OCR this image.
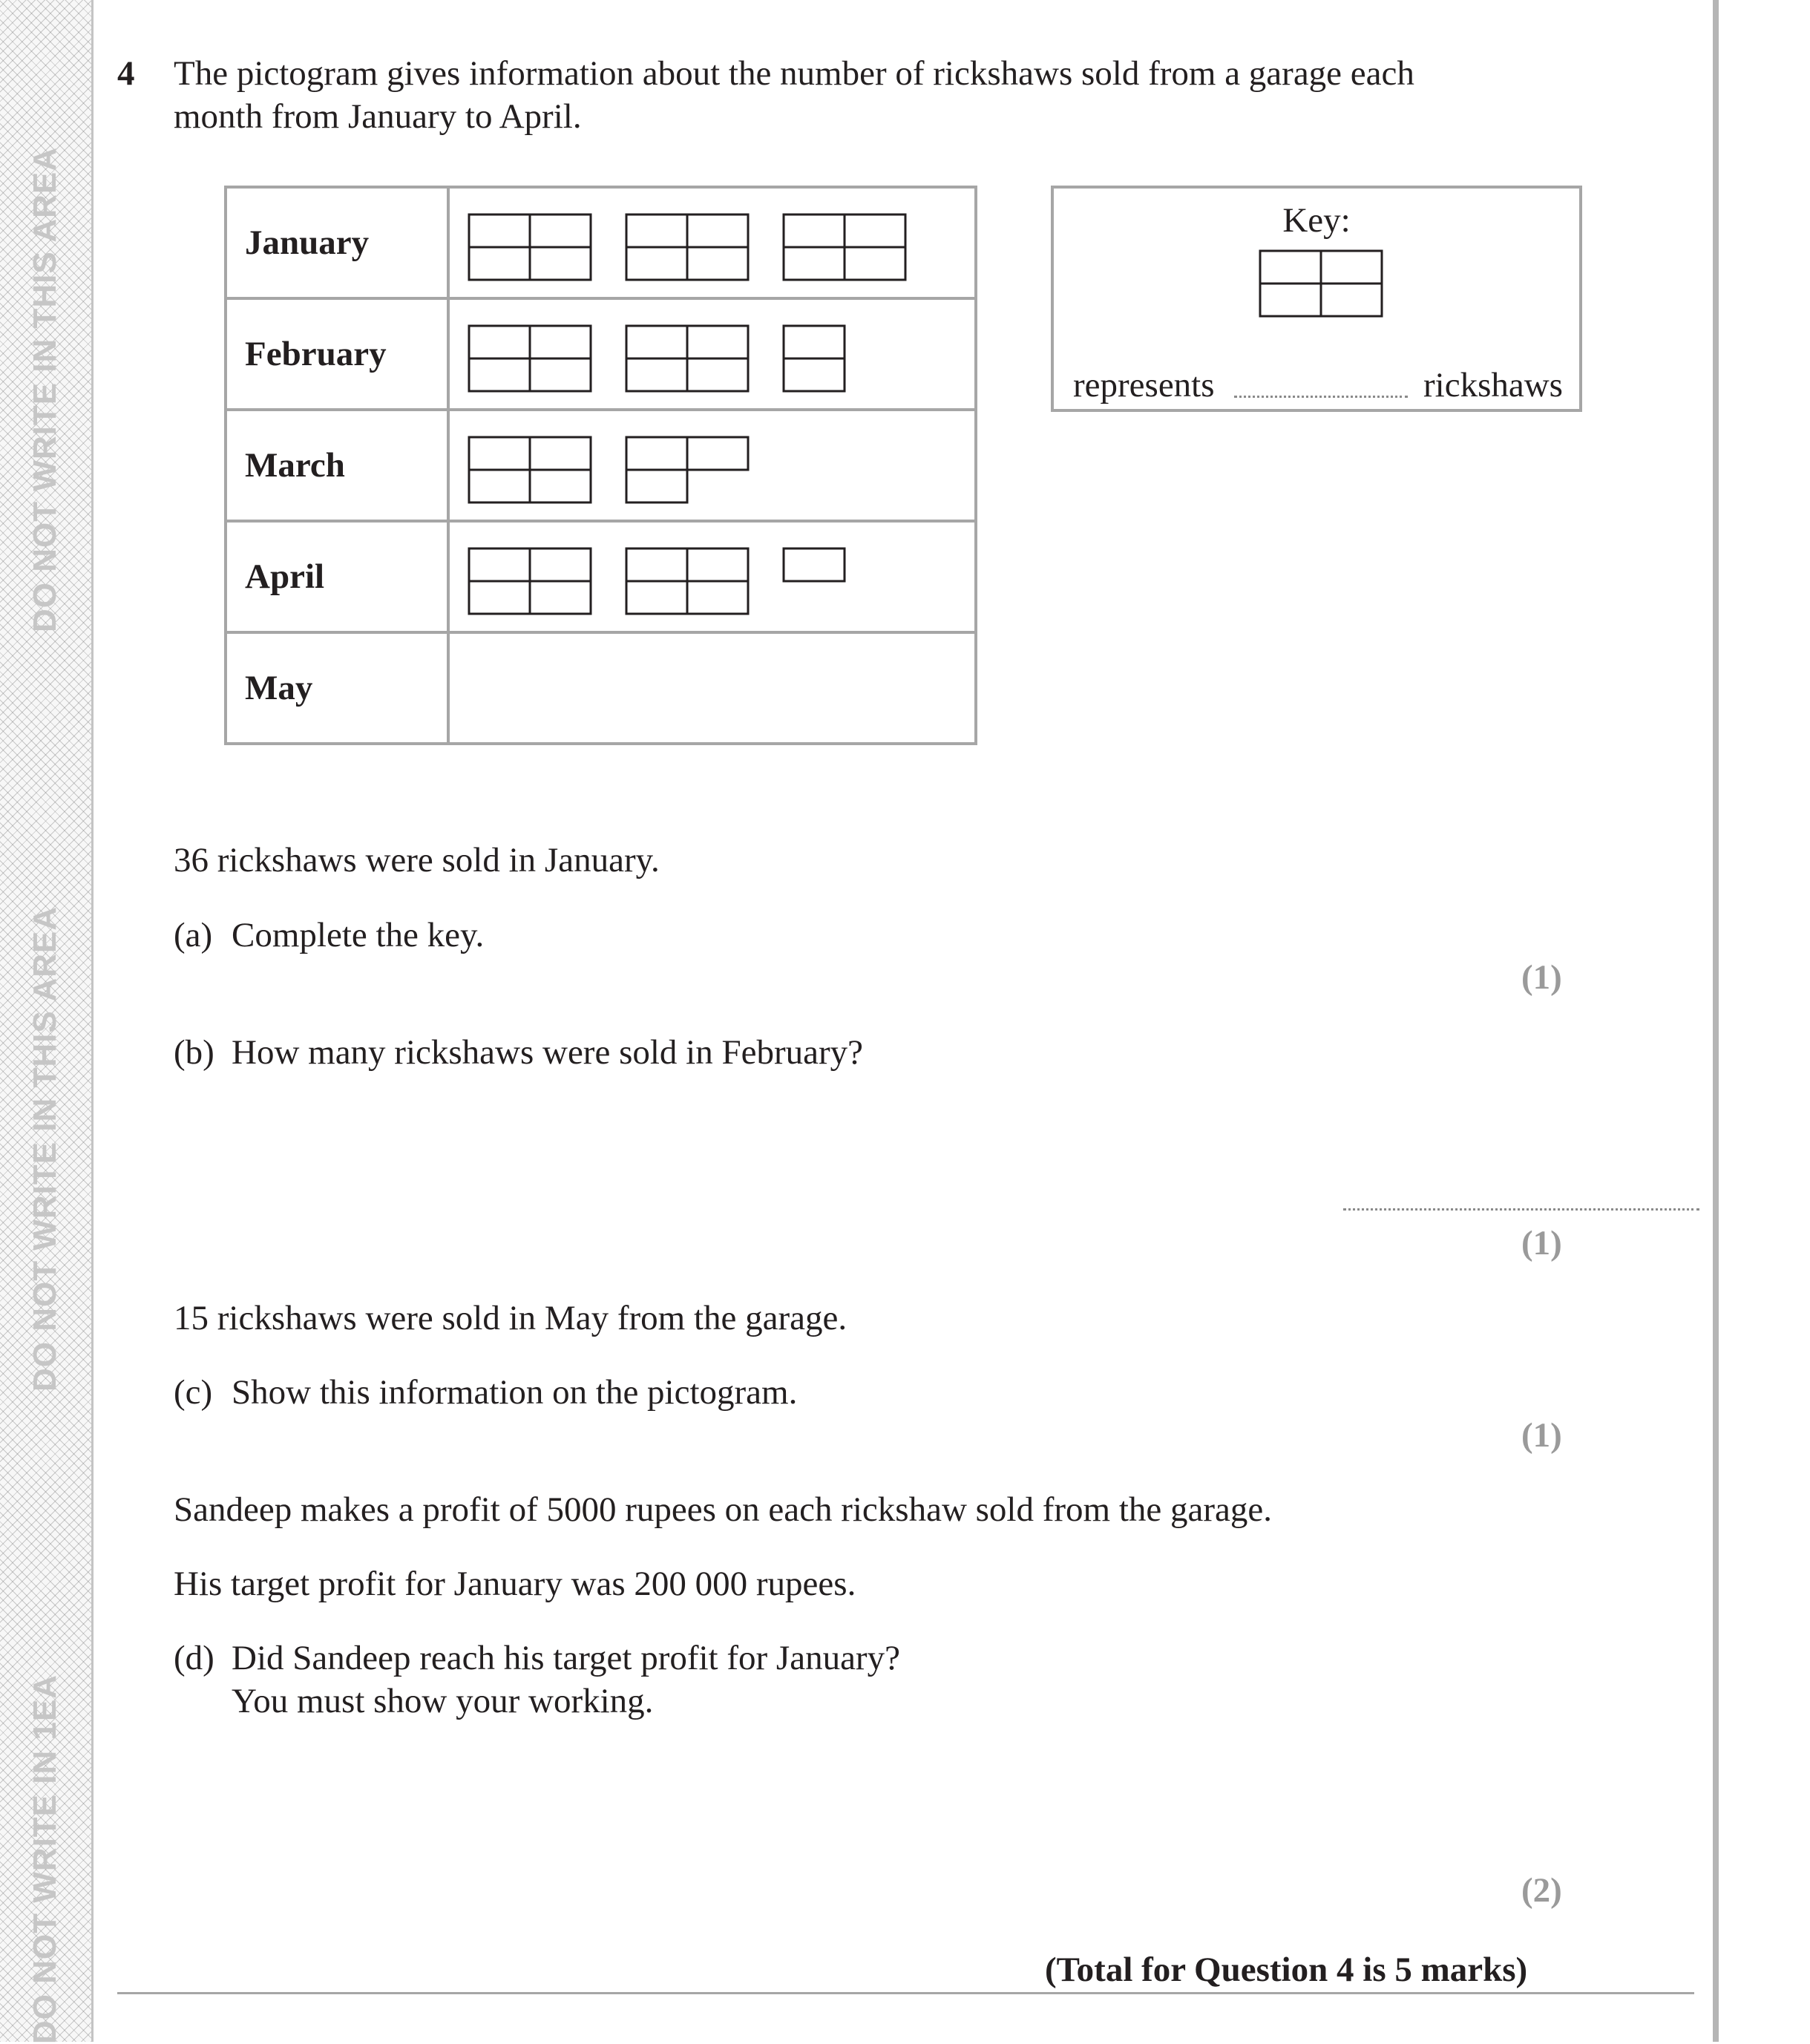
DO NOT WRITE IN THIS AREA
DO NOT WRITE IN THIS AREA
DO NOT WRITE IN 1EA
4 The pictogram gives information about the number of rickshaws sold from a garage each
month from January to April.
January	

February	

March	

April	

May	
Key:
represents	rickshaws
36 rickshaws were sold in January.
(a) Complete the key.
(1)
(b) How many rickshaws were sold in February?
(1)
15 rickshaws were sold in May from the garage.
(c) Show this information on the pictogram.
(1)
Sandeep makes a profit of 5000 rupees on each rickshaw sold from the garage.
His target profit for January was 200 000 rupees.
(d) Did Sandeep reach his target profit for January?
You must show your working.
(2)
(Total for Question 4 is 5 marks)
